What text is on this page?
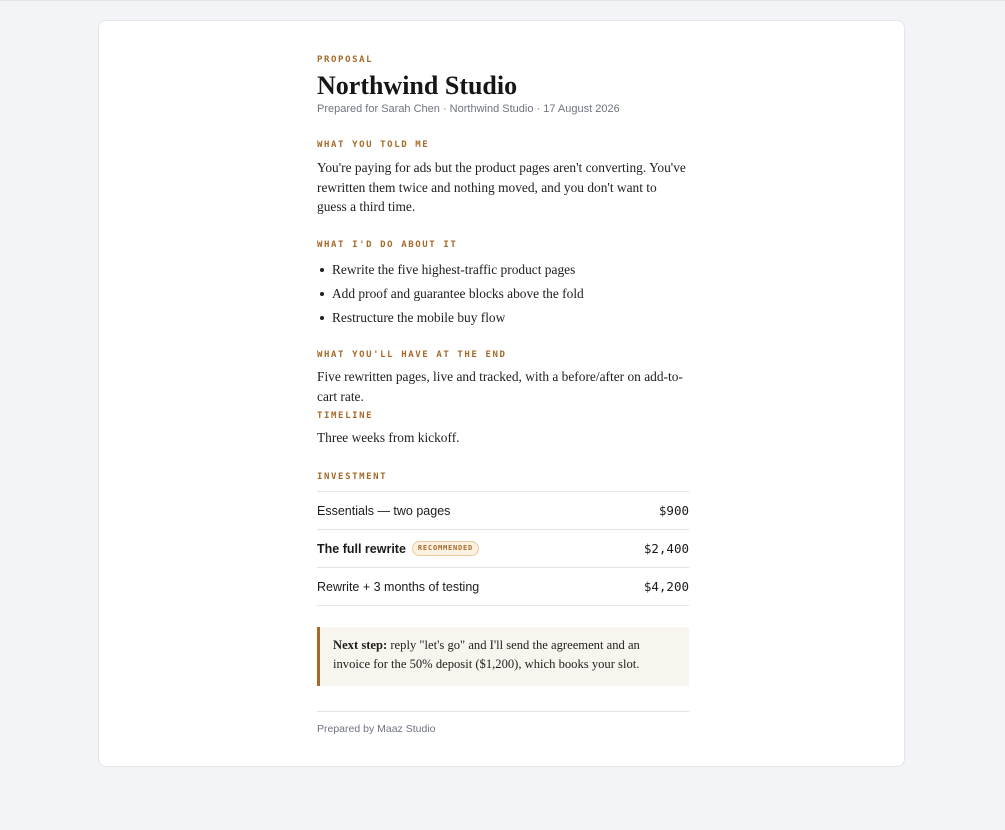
PROPOSAL
Northwind Studio
Prepared for Sarah Chen · Northwind Studio · 17 August 2026
WHAT YOU TOLD ME

You're paying for ads but the product pages aren't converting. You've rewritten them twice and nothing moved, and you don't want to guess a third time.

WHAT I'D DO ABOUT IT
Rewrite the five highest-traffic product pages
Add proof and guarantee blocks above the fold
Restructure the mobile buy flow
WHAT YOU'LL HAVE AT THE END

Five rewritten pages, live and tracked, with a before/after on add-to-cart rate.

TIMELINE

Three weeks from kickoff.

INVESTMENT
Essentials — two pages	$900
The full rewrite	RECOMMENDED	$2,400
Rewrite + 3 months of testing	$4,200
Next step: reply "let's go" and I'll send the agreement and an invoice for the 50% deposit ($1,200), which books your slot.
Prepared by Maaz Studio
